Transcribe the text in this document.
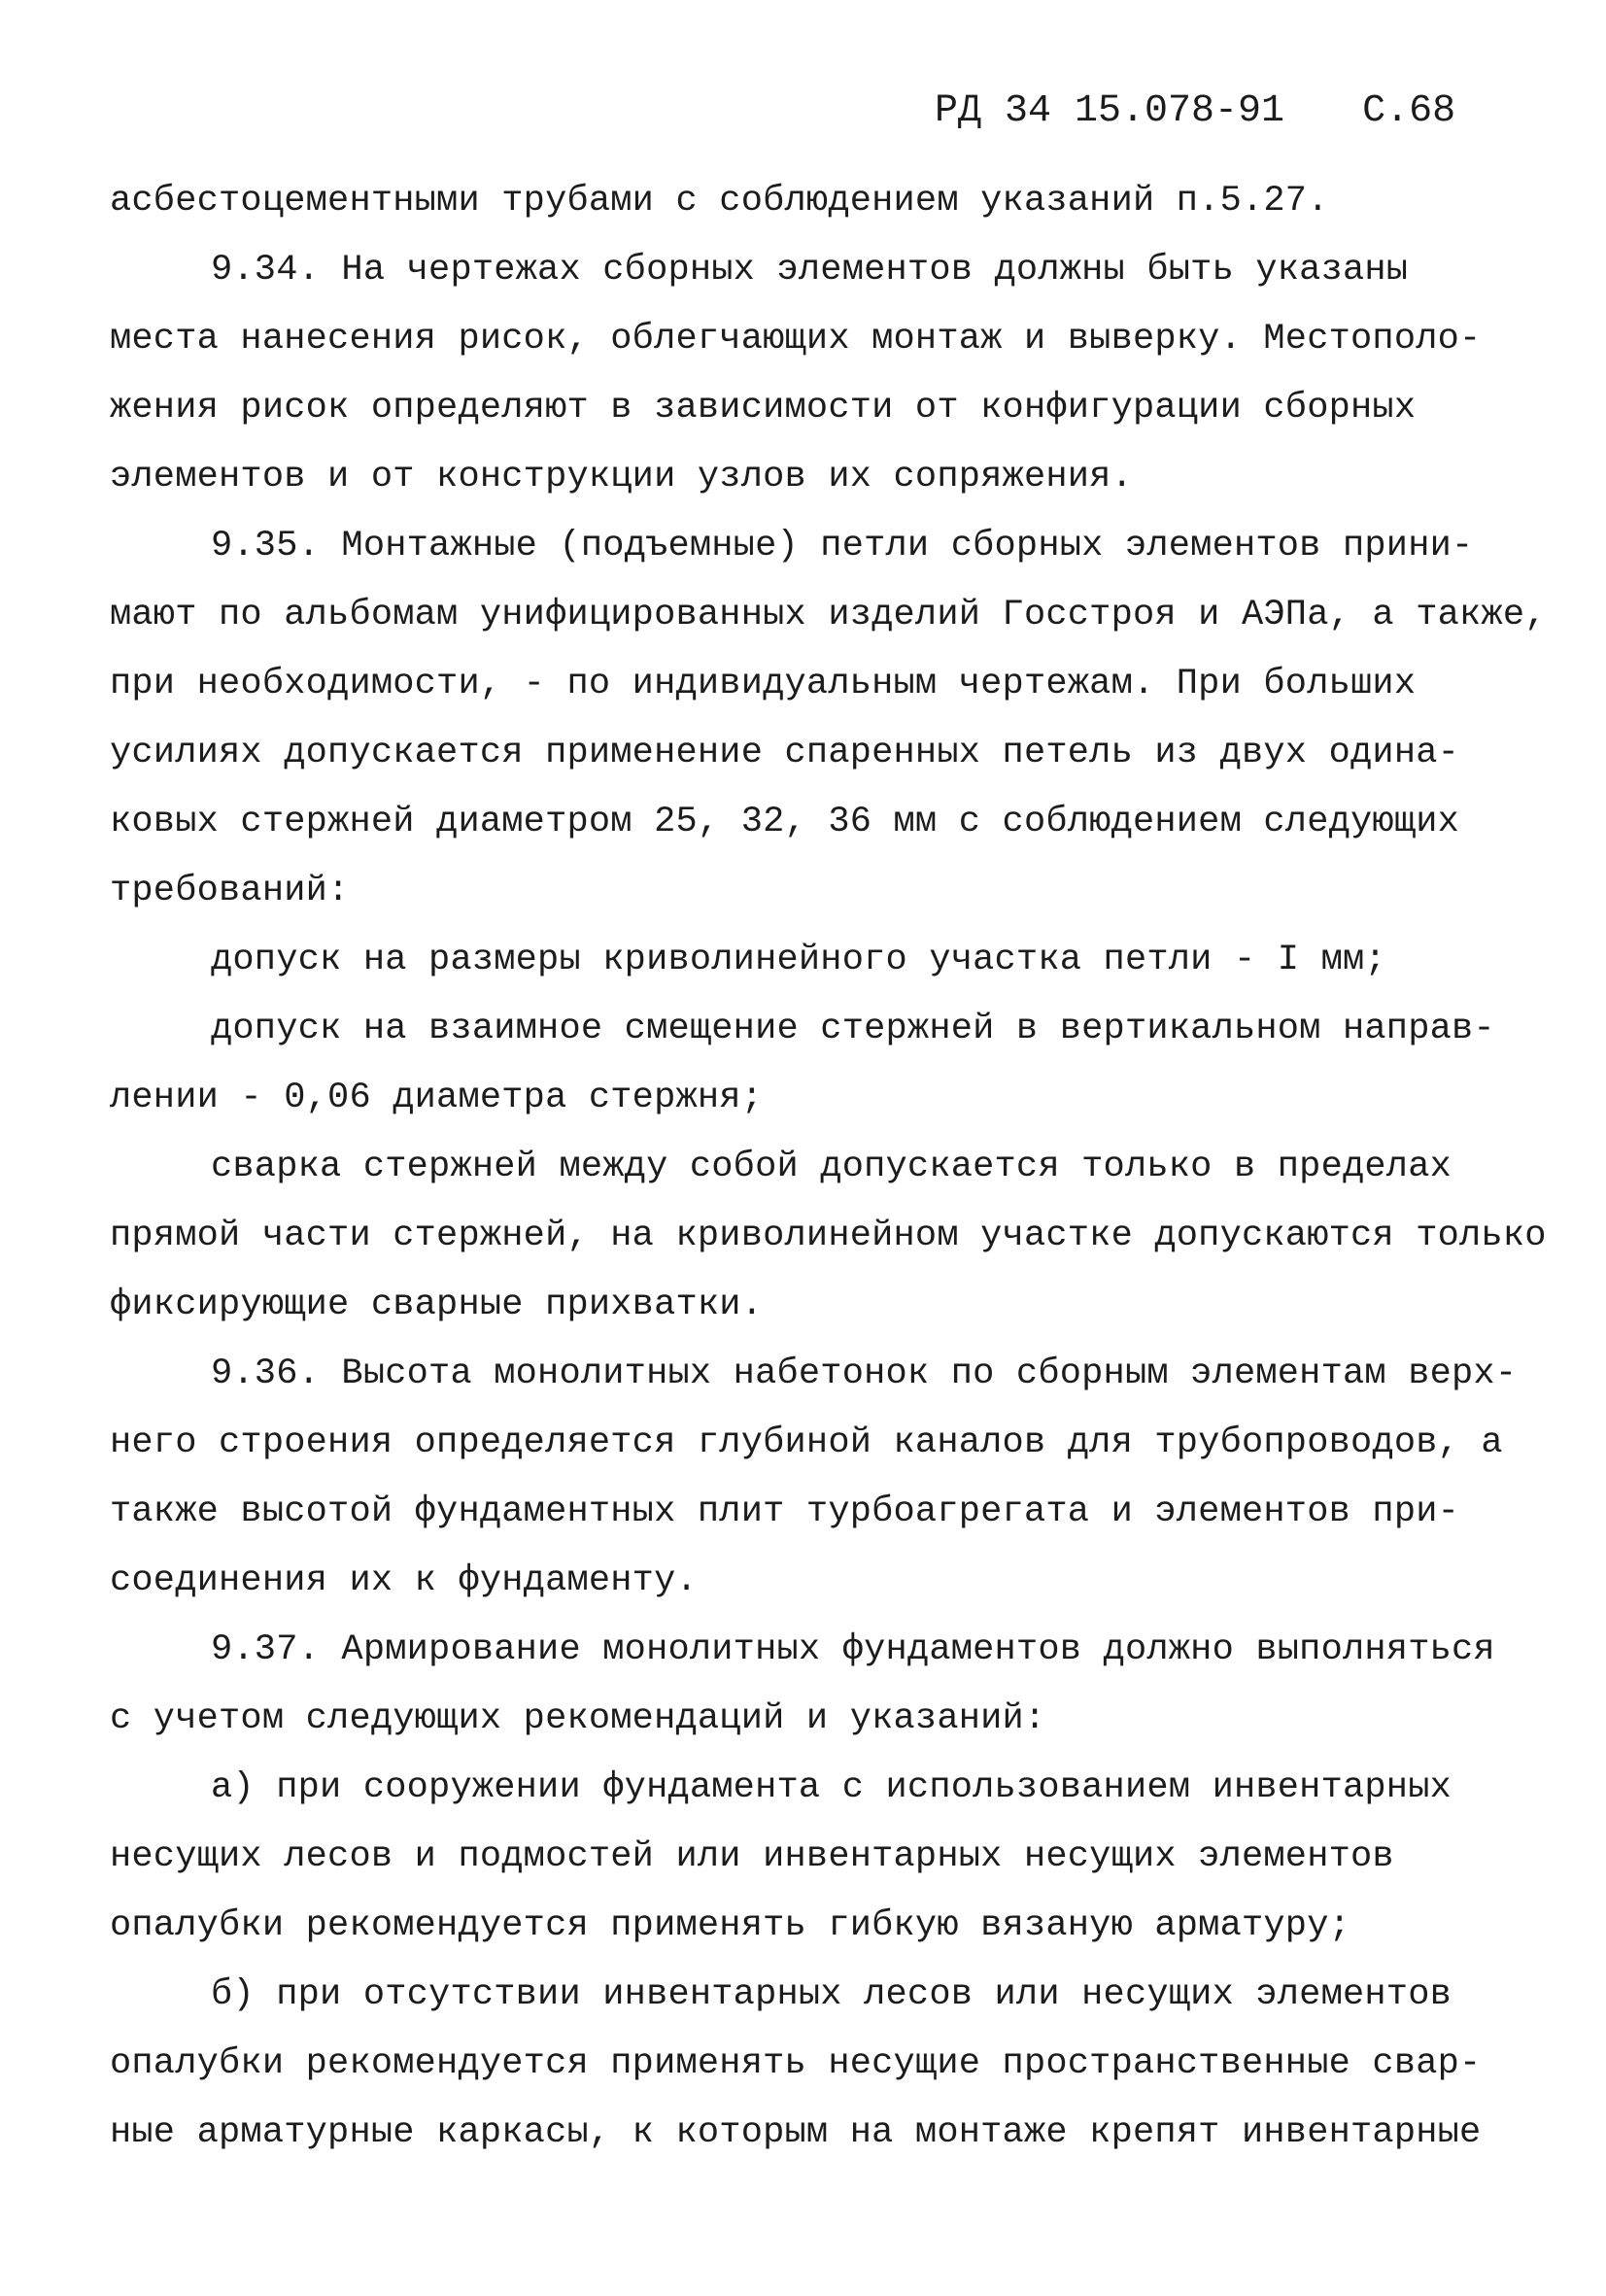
РД 34 15.078-91 С.68
асбестоцементными трубами с соблюдением указаний п.5.27.
9.34. На чертежах сборных элементов должны быть указаны
места нанесения рисок, облегчающих монтаж и выверку. Местополо-
жения рисок определяют в зависимости от конфигурации сборных
элементов и от конструкции узлов их сопряжения.
9.35. Монтажные (подъемные) петли сборных элементов прини-
мают по альбомам унифицированных изделий Госстроя и АЭПа, а также,
при необходимости, - по индивидуальным чертежам. При больших
усилиях допускается применение спаренных петель из двух одина-
ковых стержней диаметром 25, 32, 36 мм с соблюдением следующих
требований:
допуск на размеры криволинейного участка петли - I мм;
допуск на взаимное смещение стержней в вертикальном направ-
лении - 0,06 диаметра стержня;
сварка стержней между собой допускается только в пределах
прямой части стержней, на криволинейном участке допускаются только
фиксирующие сварные прихватки.
9.36. Высота монолитных набетонок по сборным элементам верх-
него строения определяется глубиной каналов для трубопроводов, а
также высотой фундаментных плит турбоагрегата и элементов при-
соединения их к фундаменту.
9.37. Армирование монолитных фундаментов должно выполняться
с учетом следующих рекомендаций и указаний:
а) при сооружении фундамента с использованием инвентарных
несущих лесов и подмостей или инвентарных несущих элементов
опалубки рекомендуется применять гибкую вязаную арматуру;
б) при отсутствии инвентарных лесов или несущих элементов
опалубки рекомендуется применять несущие пространственные свар-
ные арматурные каркасы, к которым на монтаже крепят инвентарные
